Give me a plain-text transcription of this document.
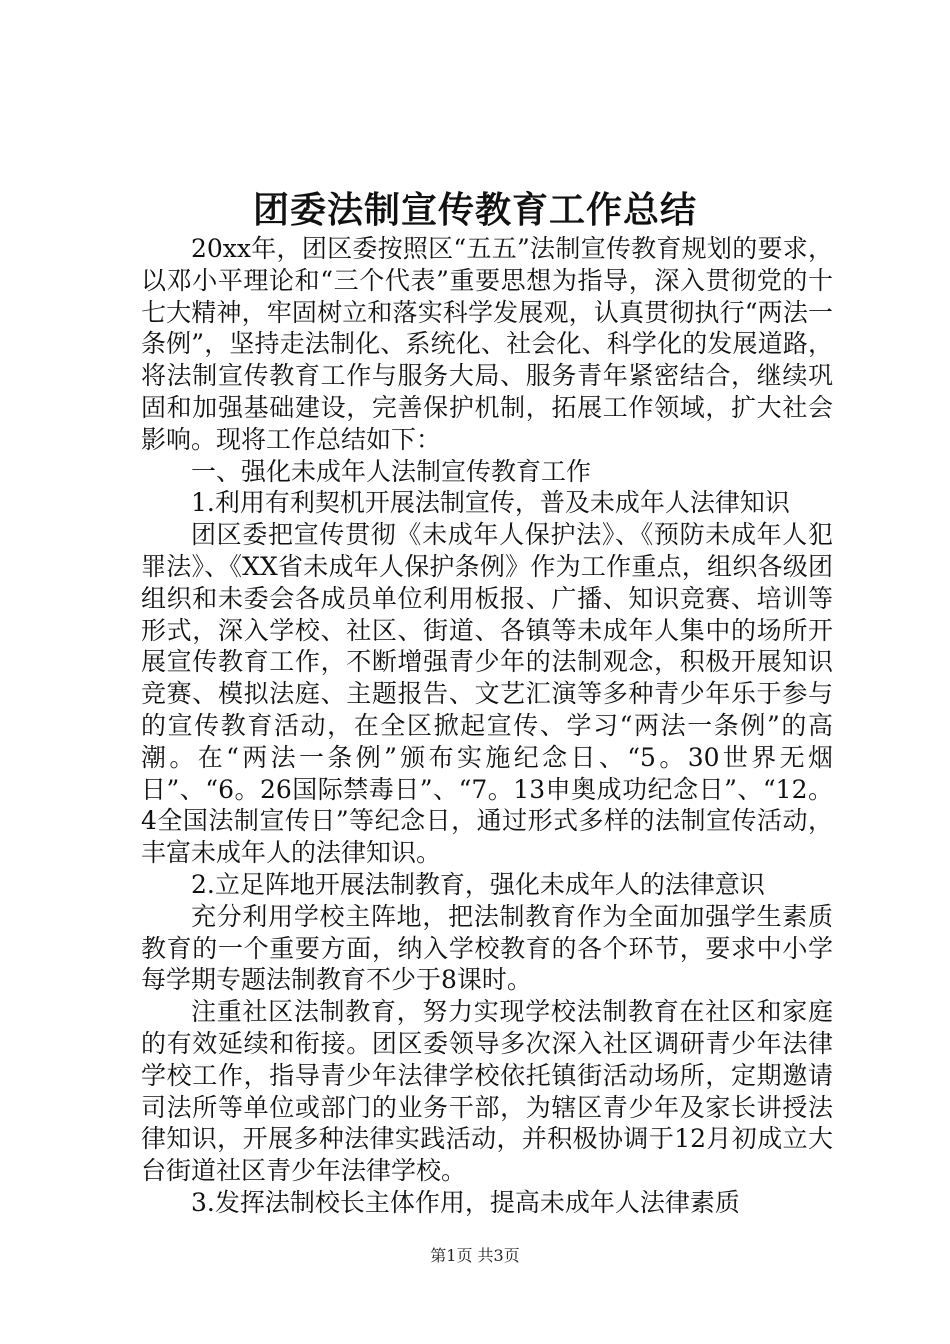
团委法制宣传教育工作总结

20xx年，团区委按照区“五五”法制宣传教育规划的要求，以邓小平理论和“三个代表”重要思想为指导，深入贯彻党的十七大精神，牢固树立和落实科学发展观，认真贯彻执行“两法一条例”，坚持走法制化、系统化、社会化、科学化的发展道路，将法制宣传教育工作与服务大局、服务青年紧密结合，继续巩固和加强基础建设，完善保护机制，拓展工作领域，扩大社会影响。现将工作总结如下：

一、强化未成年人法制宣传教育工作

1.利用有利契机开展法制宣传，普及未成年人法律知识

团区委把宣传贯彻《未成年人保护法》、《预防未成年人犯罪法》、《XX省未成年人保护条例》作为工作重点，组织各级团组织和未委会各成员单位利用板报、广播、知识竞赛、培训等形式，深入学校、社区、街道、各镇等未成年人集中的场所开展宣传教育工作，不断增强青少年的法制观念，积极开展知识竞赛、模拟法庭、主题报告、文艺汇演等多种青少年乐于参与的宣传教育活动，在全区掀起宣传、学习“两法一条例”的高潮。在“两法一条例”颁布实施纪念日、“5。30世界无烟日”、“6。26国际禁毒日”、“7。13申奥成功纪念日”、“12。4全国法制宣传日”等纪念日，通过形式多样的法制宣传活动，丰富未成年人的法律知识。

2.立足阵地开展法制教育，强化未成年人的法律意识

充分利用学校主阵地，把法制教育作为全面加强学生素质教育的一个重要方面，纳入学校教育的各个环节，要求中小学每学期专题法制教育不少于8课时。

注重社区法制教育，努力实现学校法制教育在社区和家庭的有效延续和衔接。团区委领导多次深入社区调研青少年法律学校工作，指导青少年法律学校依托镇街活动场所，定期邀请司法所等单位或部门的业务干部，为辖区青少年及家长讲授法律知识，开展多种法律实践活动，并积极协调于12月初成立大台街道社区青少年法律学校。

3.发挥法制校长主体作用，提高未成年人法律素质

第1页 共3页
